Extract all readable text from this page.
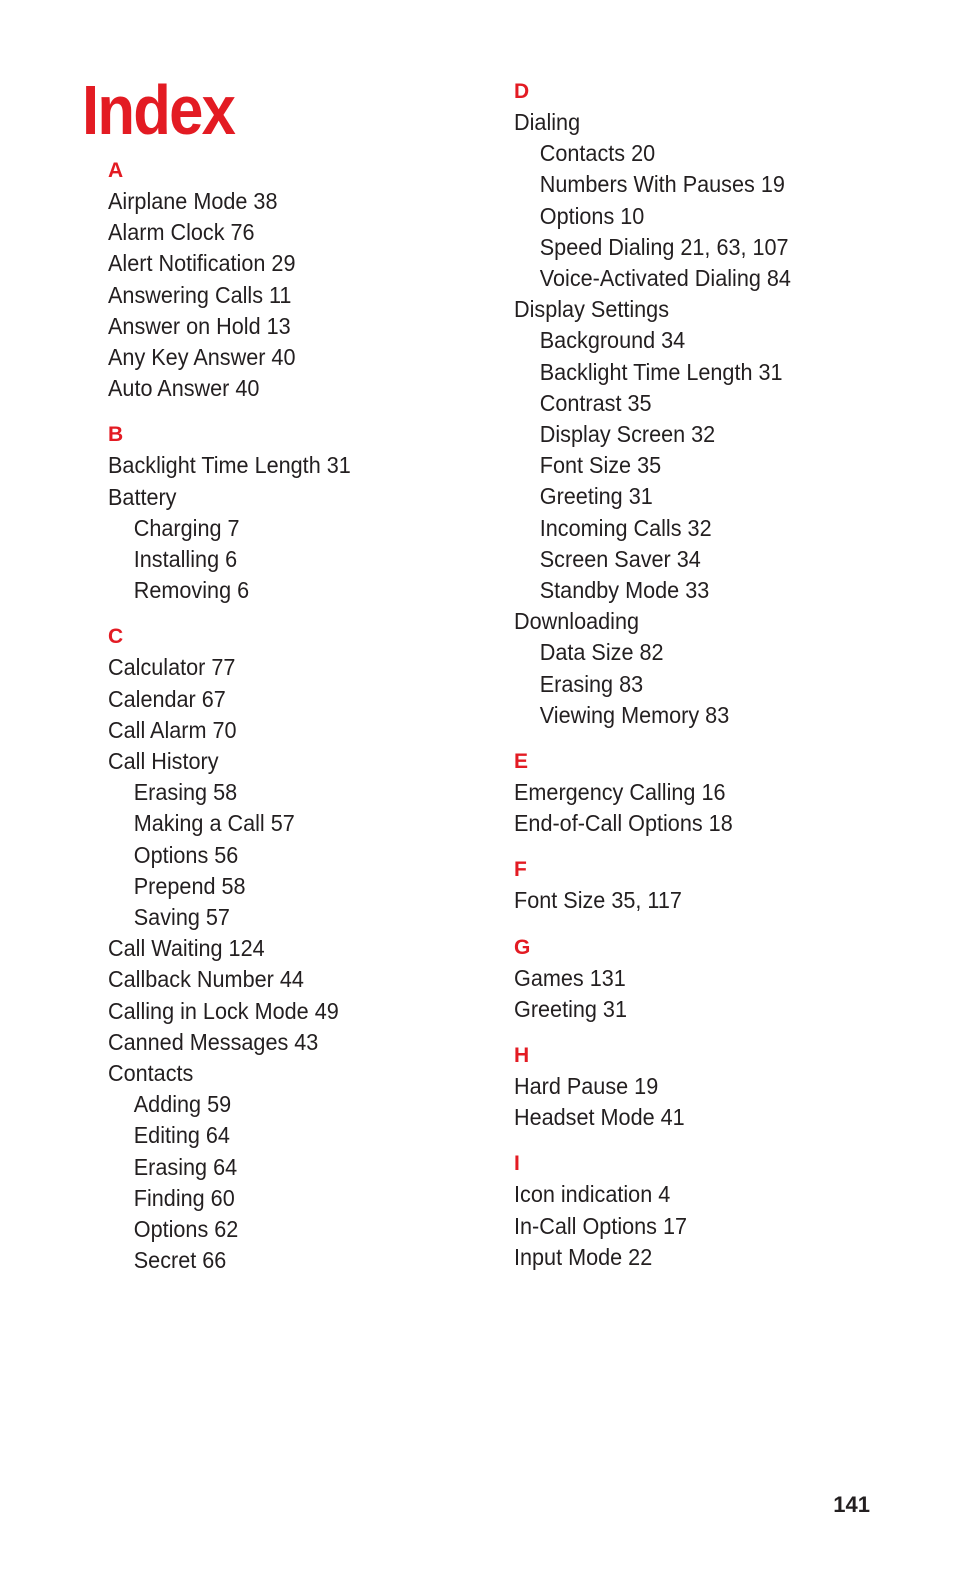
Index
A
Airplane Mode 38
Alarm Clock 76
Alert Notification 29
Answering Calls 11
Answer on Hold 13
Any Key Answer 40
Auto Answer 40
B
Backlight Time Length 31
Battery
Charging 7
Installing 6
Removing 6
C
Calculator 77
Calendar 67
Call Alarm 70
Call History
Erasing 58
Making a Call 57
Options 56
Prepend 58
Saving 57
Call Waiting 124
Callback Number 44
Calling in Lock Mode 49
Canned Messages 43
Contacts
Adding 59
Editing 64
Erasing 64
Finding 60
Options 62
Secret 66
D
Dialing
Contacts 20
Numbers With Pauses 19
Options 10
Speed Dialing 21, 63, 107
Voice-Activated Dialing 84
Display Settings
Background 34
Backlight Time Length 31
Contrast 35
Display Screen 32
Font Size 35
Greeting 31
Incoming Calls 32
Screen Saver 34
Standby Mode 33
Downloading
Data Size 82
Erasing 83
Viewing Memory 83
E
Emergency Calling 16
End-of-Call Options 18
F
Font Size 35, 117
G
Games 131
Greeting 31
H
Hard Pause 19
Headset Mode 41
I
Icon indication 4
In-Call Options 17
Input Mode 22
141
